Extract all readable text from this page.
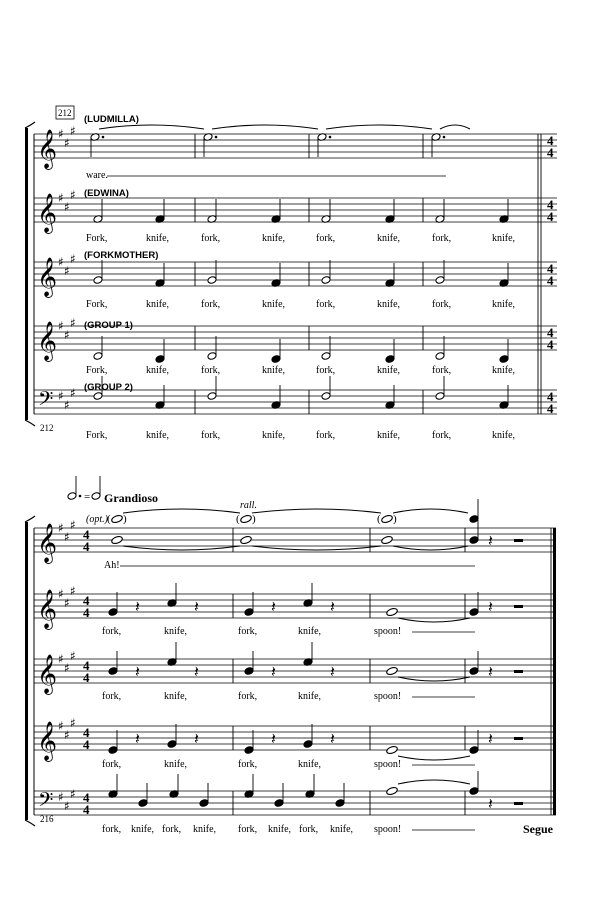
𝄞 ♯
♯
♯
4
4
𝄞 ♯
♯
♯
4
4
𝄞 ♯
♯
♯
4
4
𝄞 ♯
♯
♯
4
4
𝄢 ♯
♯
♯	4
4
𝄞 ♯
♯
♯
4
4
𝄞 ♯
♯
♯
4
4
𝄞 ♯
♯
♯
4
4
𝄞 ♯
♯
♯
4
4
𝄢 ♯
♯
♯ 4
4
=
( )	( )	( )
𝄽
𝄽	𝄽	𝄽	𝄽	𝄽
𝄽	𝄽	𝄽	𝄽	𝄽
𝄽	𝄽	𝄽	𝄽	𝄽
𝄽
212
212
(LUDMILLA)
(EDWINA)
(FORKMOTHER)
(GROUP 1)
(GROUP 2)
ware.
Fork,	knife,	fork,	knife,	fork,	knife,	fork,	knife,
Fork,	knife,	fork,	knife,	fork,	knife,	fork,	knife,
Fork,	knife,	fork,	knife,	fork,	knife,	fork,	knife,
Fork,	knife,	fork,	knife,	fork,	knife,	fork,	knife,
Grandioso
rall.
(opt.)
216
Segue
Ah!
fork,	knife,	fork,	knife,	spoon!
fork,	knife,	fork,	knife,	spoon!
fork,	knife,	fork,	knife,	spoon!
fork, knife, fork, knife, fork, knife, fork, knife, spoon!
